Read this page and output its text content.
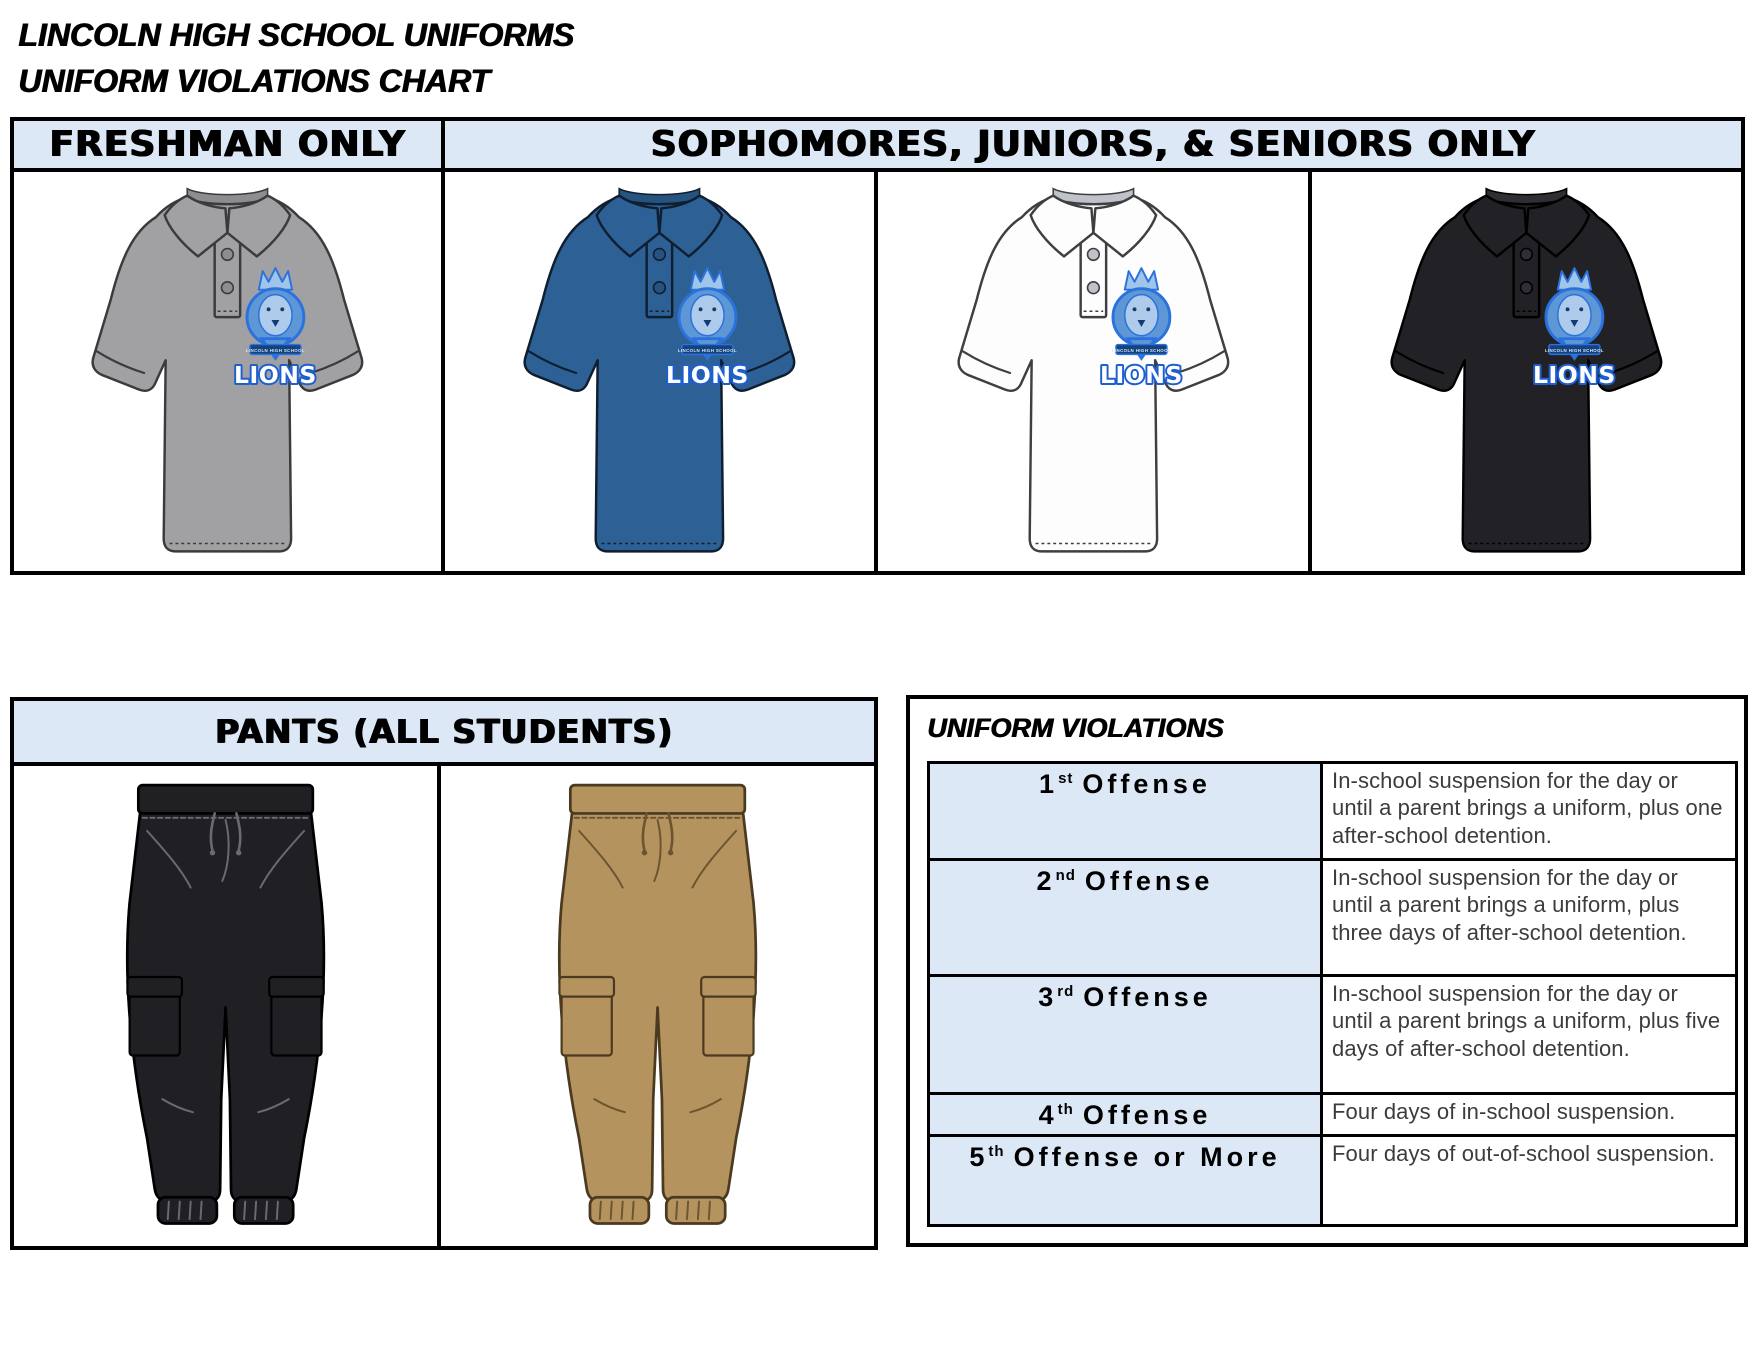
LINCOLN HIGH SCHOOL UNIFORMS
UNIFORM VIOLATIONS CHART
FRESHMAN ONLY	SOPHOMORES, JUNIORS, & SENIORS ONLY
LINCOLN HIGH SCHOOL
LIONS
LINCOLN HIGH SCHOOL
LIONS
LINCOLN HIGH SCHOOL
LIONS
LINCOLN HIGH SCHOOL
LIONS
PANTS (ALL STUDENTS)	UNIFORM VIOLATIONS
1st Offense	In-school suspension for the day or until a parent brings a uniform, plus one after-school detention.
2nd Offense	In-school suspension for the day or until a parent brings a uniform, plus three days of after-school detention.
3rd Offense	In-school suspension for the day or until a parent brings a uniform, plus five days of after-school detention.
4th Offense	Four days of in-school suspension.
5th Offense or More	Four days of out-of-school suspension.
